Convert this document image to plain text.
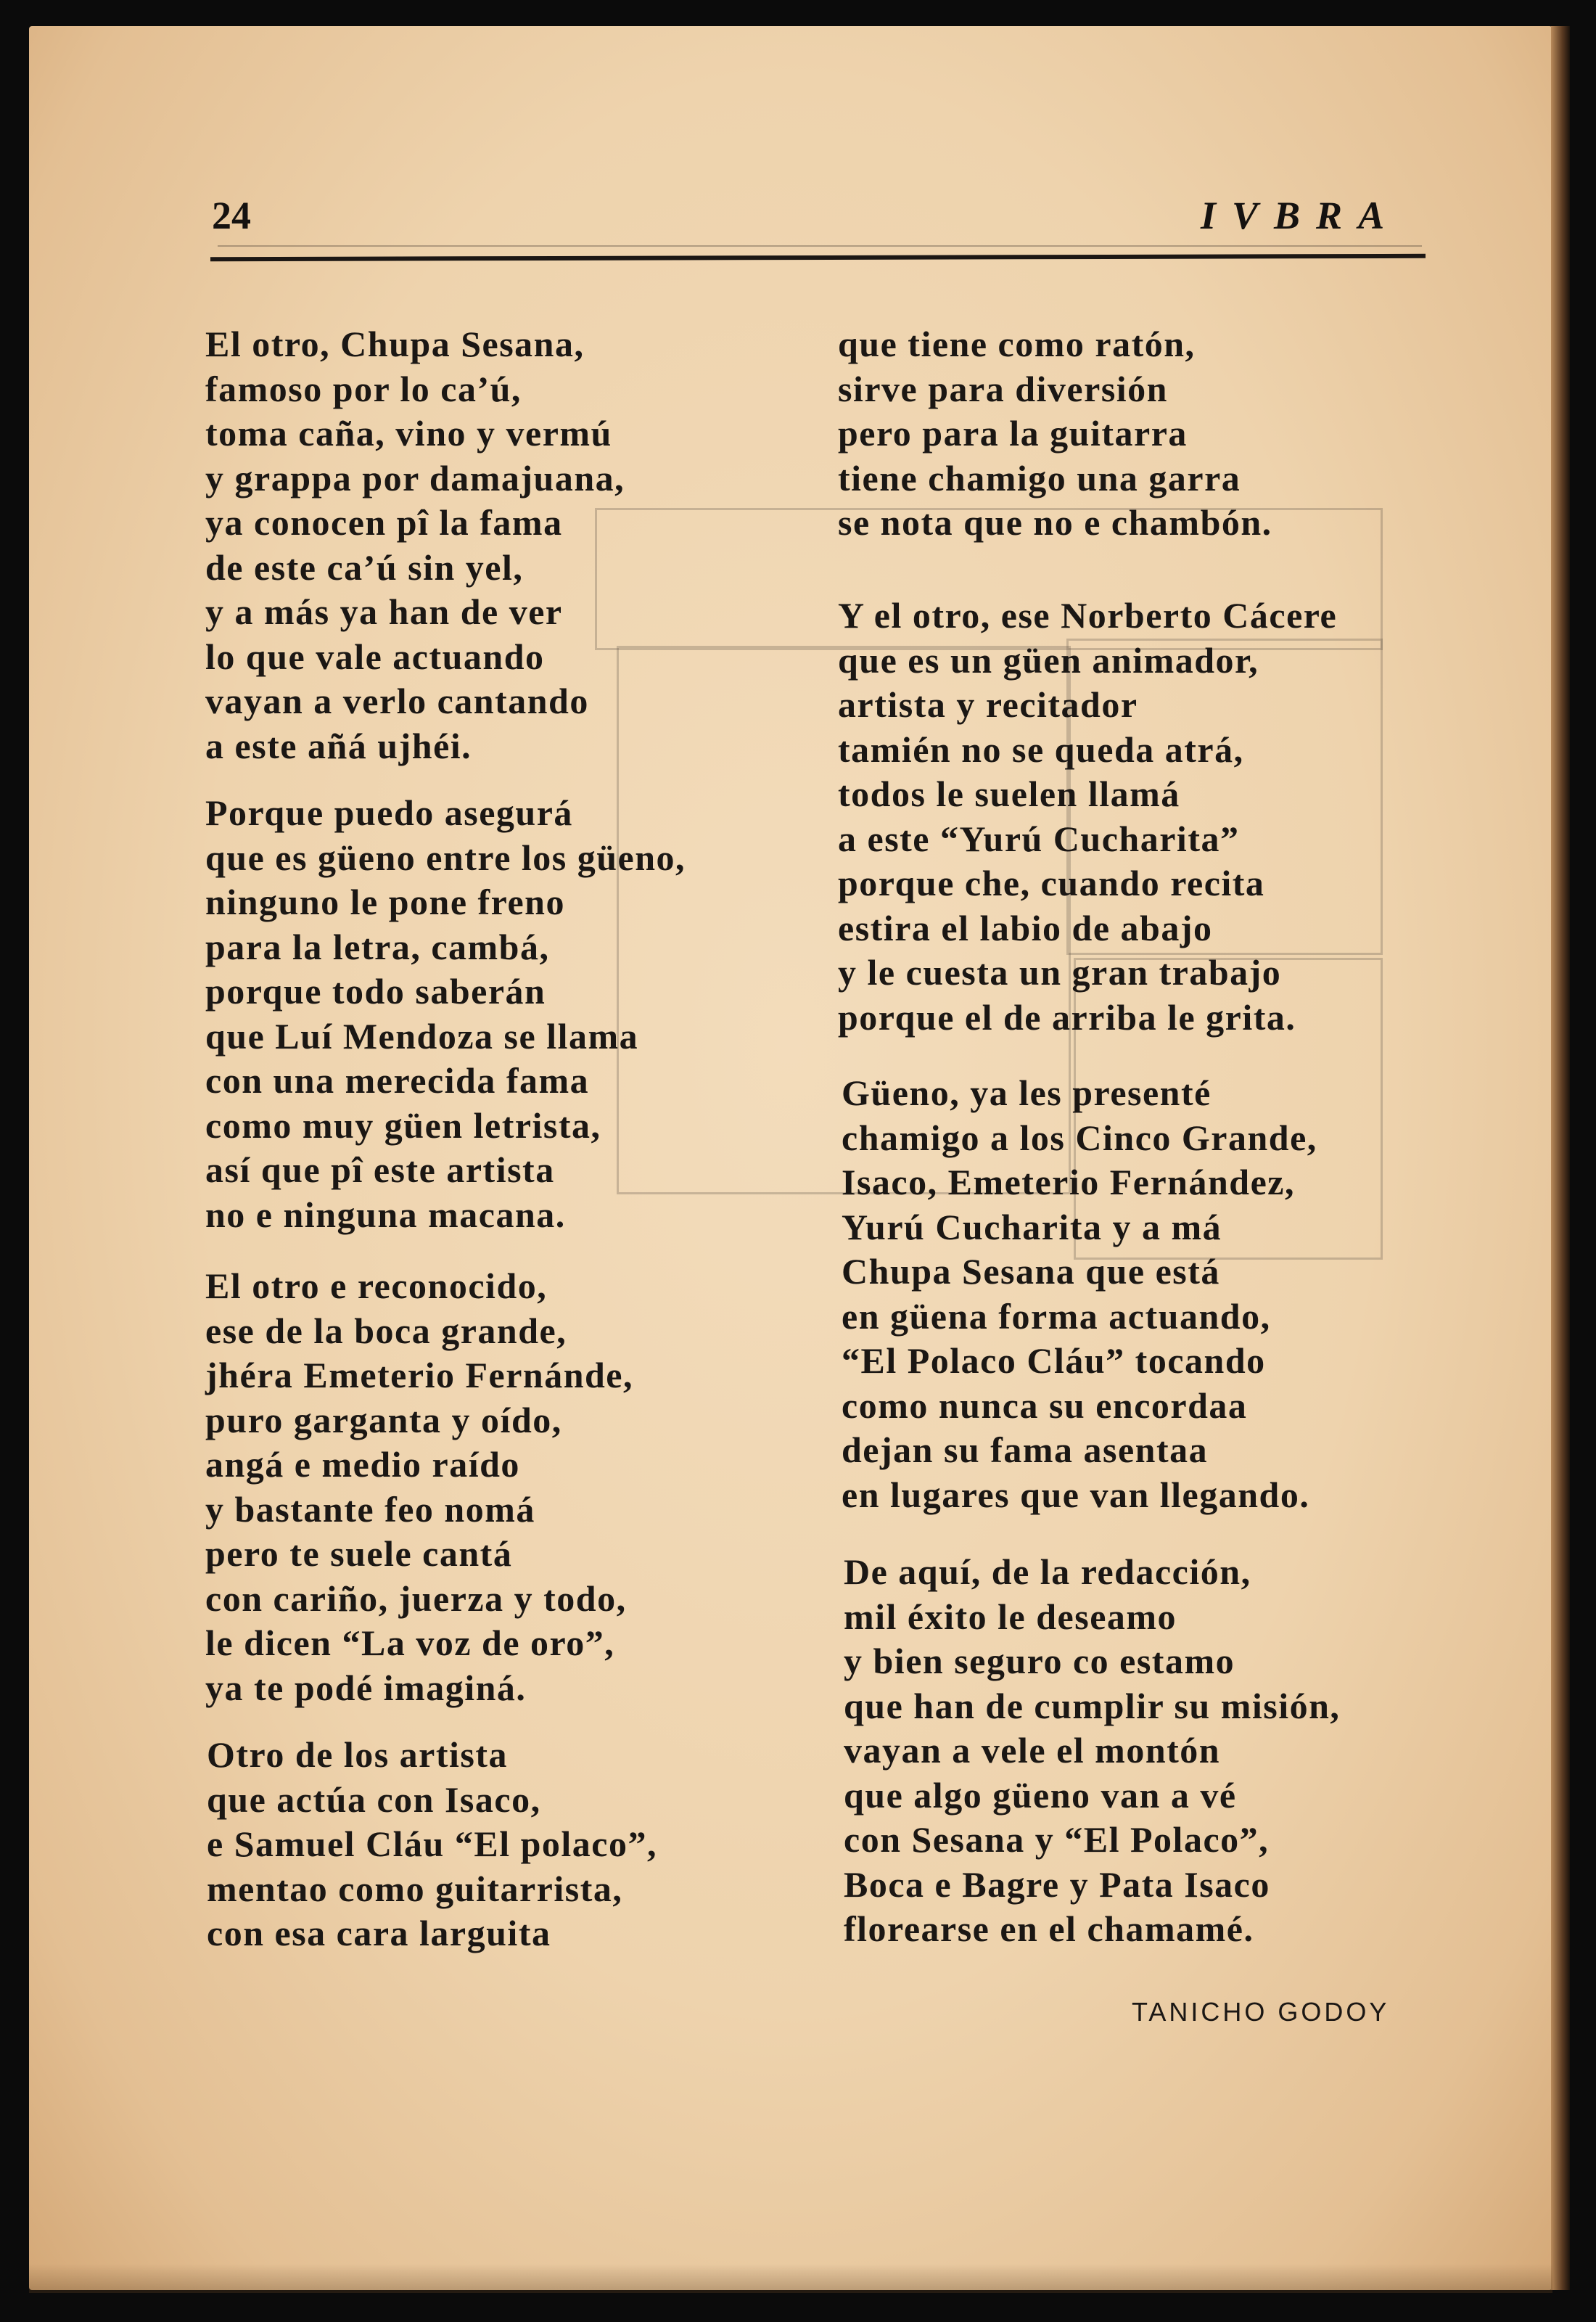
24	IVBRA
El otro, Chupa Sesana,
famoso por lo ca’ú,
toma caña, vino y vermú
y grappa por damajuana,
ya conocen pî la fama
de este ca’ú sin yel,
y a más ya han de ver
lo que vale actuando
vayan a verlo cantando
a este añá ujhéi.
Porque puedo asegurá
que es güeno entre los güeno,
ninguno le pone freno
para la letra, cambá,
porque todo saberán
que Luí Mendoza se llama
con una merecida fama
como muy güen letrista,
así que pî este artista
no e ninguna macana.
El otro e reconocido,
ese de la boca grande,
jhéra Emeterio Fernánde,
puro garganta y oído,
angá e medio raído
y bastante feo nomá
pero te suele cantá
con cariño, juerza y todo,
le dicen “La voz de oro”,
ya te podé imaginá.
Otro de los artista
que actúa con Isaco,
e Samuel Cláu “El polaco”,
mentao como guitarrista,
con esa cara larguita
que tiene como ratón,
sirve para diversión
pero para la guitarra
tiene chamigo una garra
se nota que no e chambón.
Y el otro, ese Norberto Cácere
que es un güen animador,
artista y recitador
tamién no se queda atrá,
todos le suelen llamá
a este “Yurú Cucharita”
porque che, cuando recita
estira el labio de abajo
y le cuesta un gran trabajo
porque el de arriba le grita.
Güeno, ya les presenté
chamigo a los Cinco Grande,
Isaco, Emeterio Fernández,
Yurú Cucharita y a má
Chupa Sesana que está
en güena forma actuando,
“El Polaco Cláu” tocando
como nunca su encordaa
dejan su fama asentaa
en lugares que van llegando.
De aquí, de la redacción,
mil éxito le deseamo
y bien seguro co estamo
que han de cumplir su misión,
vayan a vele el montón
que algo güeno van a vé
con Sesana y “El Polaco”,
Boca e Bagre y Pata Isaco
florearse en el chamamé.
TANICHO GODOY
